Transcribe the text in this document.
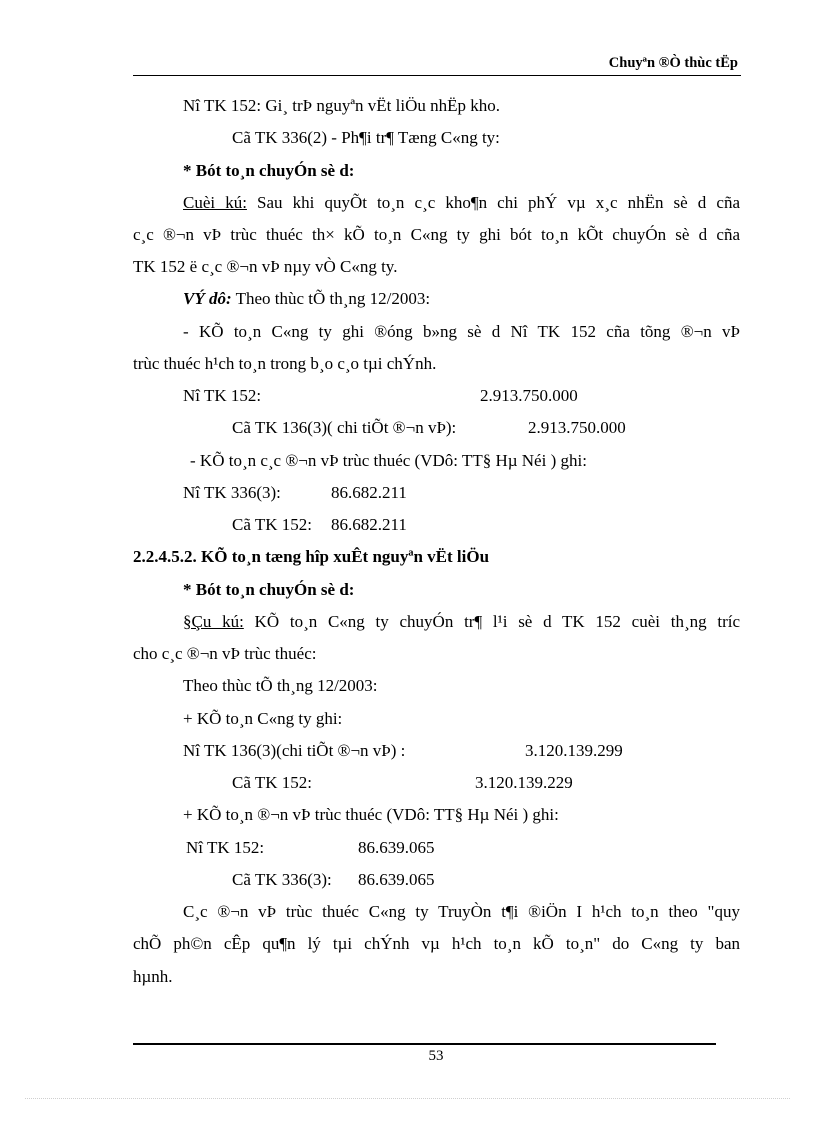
Chuyªn ®Ò thùc tËp
Nî TK 152: Gi¸ trÞ nguyªn vËt liÖu nhËp kho.
Cã TK 336(2) - Ph¶i tr¶ Tæng C«ng ty:
* Bót to¸n chuyÓn sè d:
Cuèi kú: Sau khi quyÕt to¸n c¸c kho¶n chi phÝ vµ x¸c nhËn sè d cña
c¸c ®¬n vÞ trùc thuéc th× kÕ to¸n C«ng ty ghi bót to¸n kÕt chuyÓn sè d cña
TK 152 ë c¸c ®¬n vÞ nµy vÒ C«ng ty.
VÝ dô: Theo thùc tÕ th¸ng 12/2003:
- KÕ to¸n C«ng ty ghi ®óng b»ng sè d Nî TK 152 cña tõng ®¬n vÞ
trùc thuéc h¹ch to¸n trong b¸o c¸o tµi chÝnh.
Nî TK 152:	2.913.750.000
Cã TK 136(3)( chi tiÕt ®¬n vÞ):	2.913.750.000
- KÕ to¸n c¸c ®¬n vÞ trùc thuéc (VDô: TT§ Hµ Néi ) ghi:
Nî TK 336(3):	86.682.211
Cã TK 152: 86.682.211
2.2.4.5.2. KÕ to¸n tæng hîp xuÊt nguyªn vËt liÖu
* Bót to¸n chuyÓn sè d:
§Çu kú: KÕ to¸n C«ng ty chuyÓn tr¶ l¹i sè d TK 152 cuèi th¸ng tríc
cho c¸c ®¬n vÞ trùc thuéc:
Theo thùc tÕ th¸ng 12/2003:
+ KÕ to¸n C«ng ty ghi:
Nî TK 136(3)(chi tiÕt ®¬n vÞ) :	3.120.139.299
Cã TK 152:	3.120.139.229
+ KÕ to¸n ®¬n vÞ trùc thuéc (VDô: TT§ Hµ Néi ) ghi:
Nî TK 152:	86.639.065
Cã TK 336(3): 86.639.065
C¸c ®¬n vÞ trùc thuéc C«ng ty TruyÒn t¶i ®iÖn I h¹ch to¸n theo "quy
chÕ ph©n cÊp qu¶n lý tµi chÝnh vµ h¹ch to¸n kÕ to¸n" do C«ng ty ban
hµnh.
53
